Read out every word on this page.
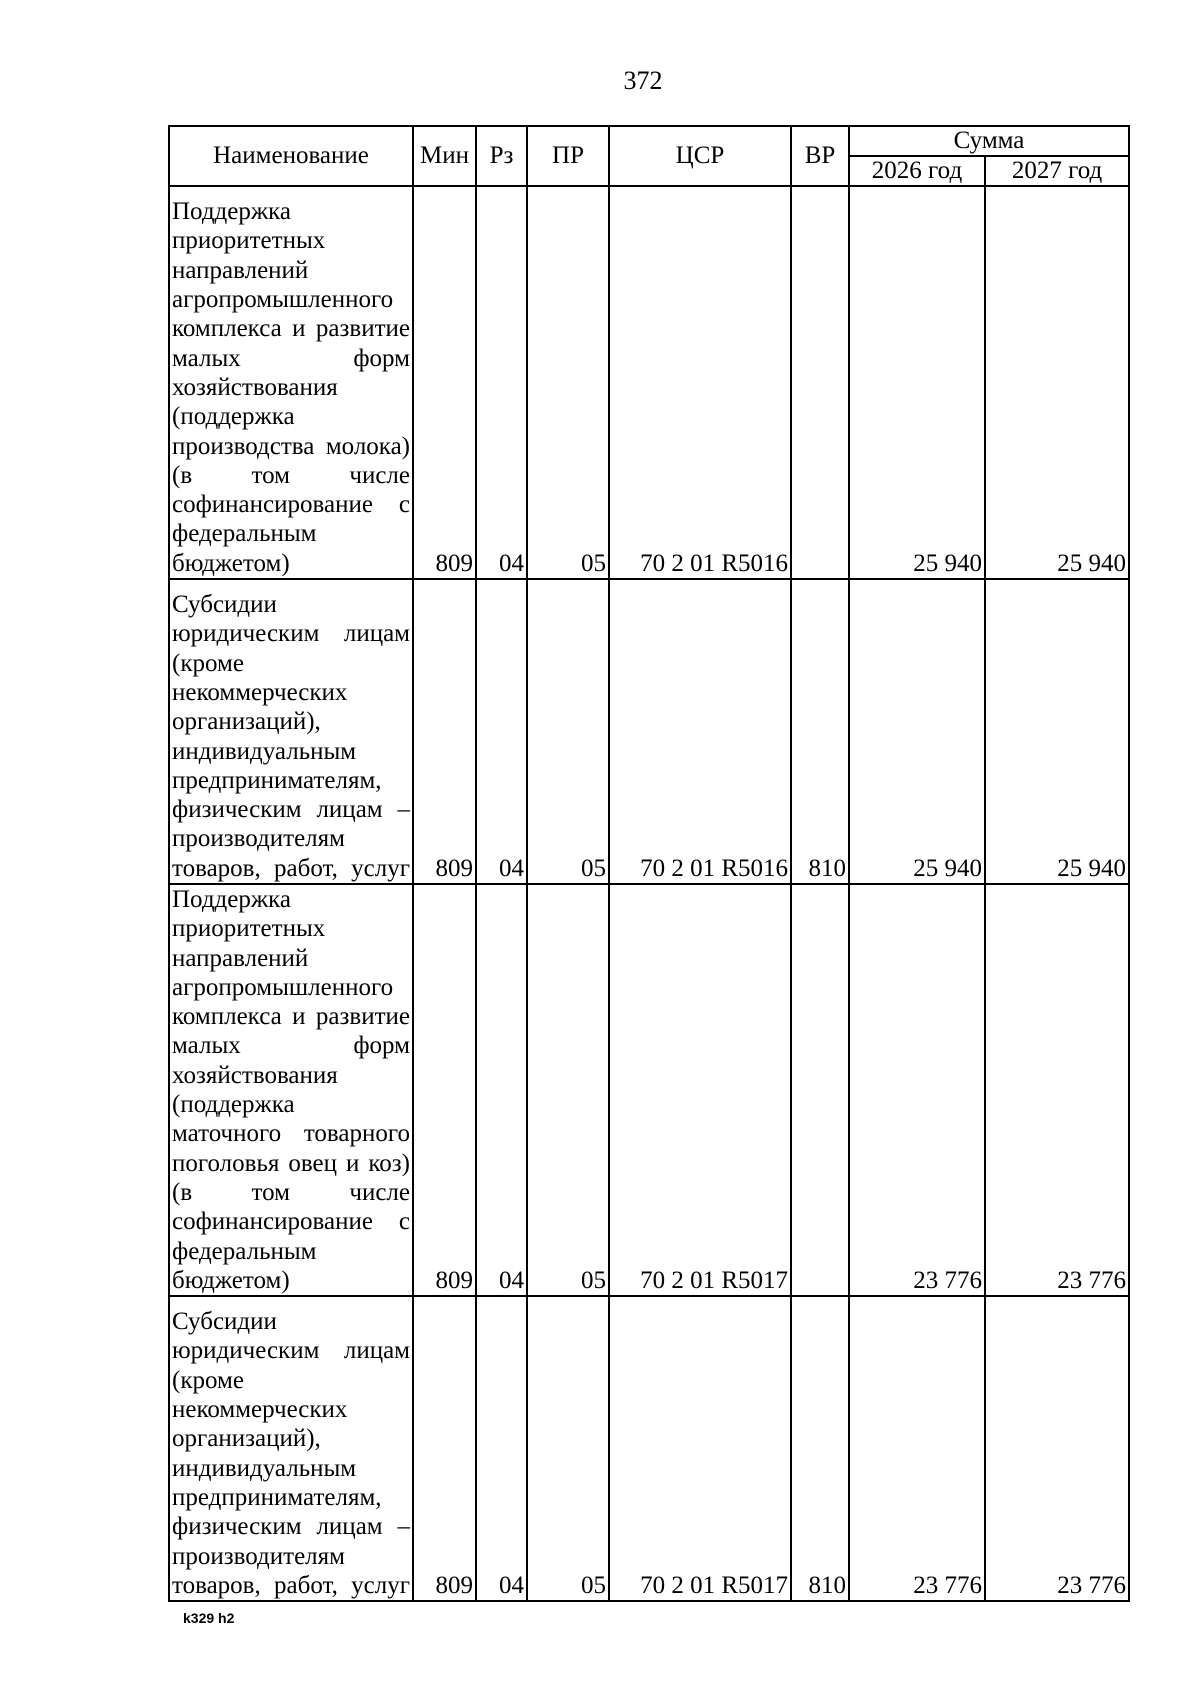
372
Наименование	Мин	Рз	ПР	ЦСР	ВР	Сумма	
						2026 год	2027 год
Поддержка приоритетных направлений агропромышленного комплекса и развитие малых форм хозяйствования (поддержка производства молока) (в том числе софинансирование с федеральным бюджетом)	809	04	05	70 2 01 R5016		25 940	25 940
Субсидии юридическим лицам (кроме некоммерческих организаций), индивидуальным предпринимателям, физическим лицам – производителям товаров, работ, услуг	809	04	05	70 2 01 R5016	810	25 940	25 940
Поддержка приоритетных направлений агропромышленного комплекса и развитие малых форм хозяйствования (поддержка маточного товарного поголовья овец и коз) (в том числе софинансирование с федеральным бюджетом)	809	04	05	70 2 01 R5017		23 776	23 776
Субсидии юридическим лицам (кроме некоммерческих организаций), индивидуальным предпринимателям, физическим лицам – производителям товаров, работ, услуг	809	04	05	70 2 01 R5017	810	23 776	23 776
k329 h2
